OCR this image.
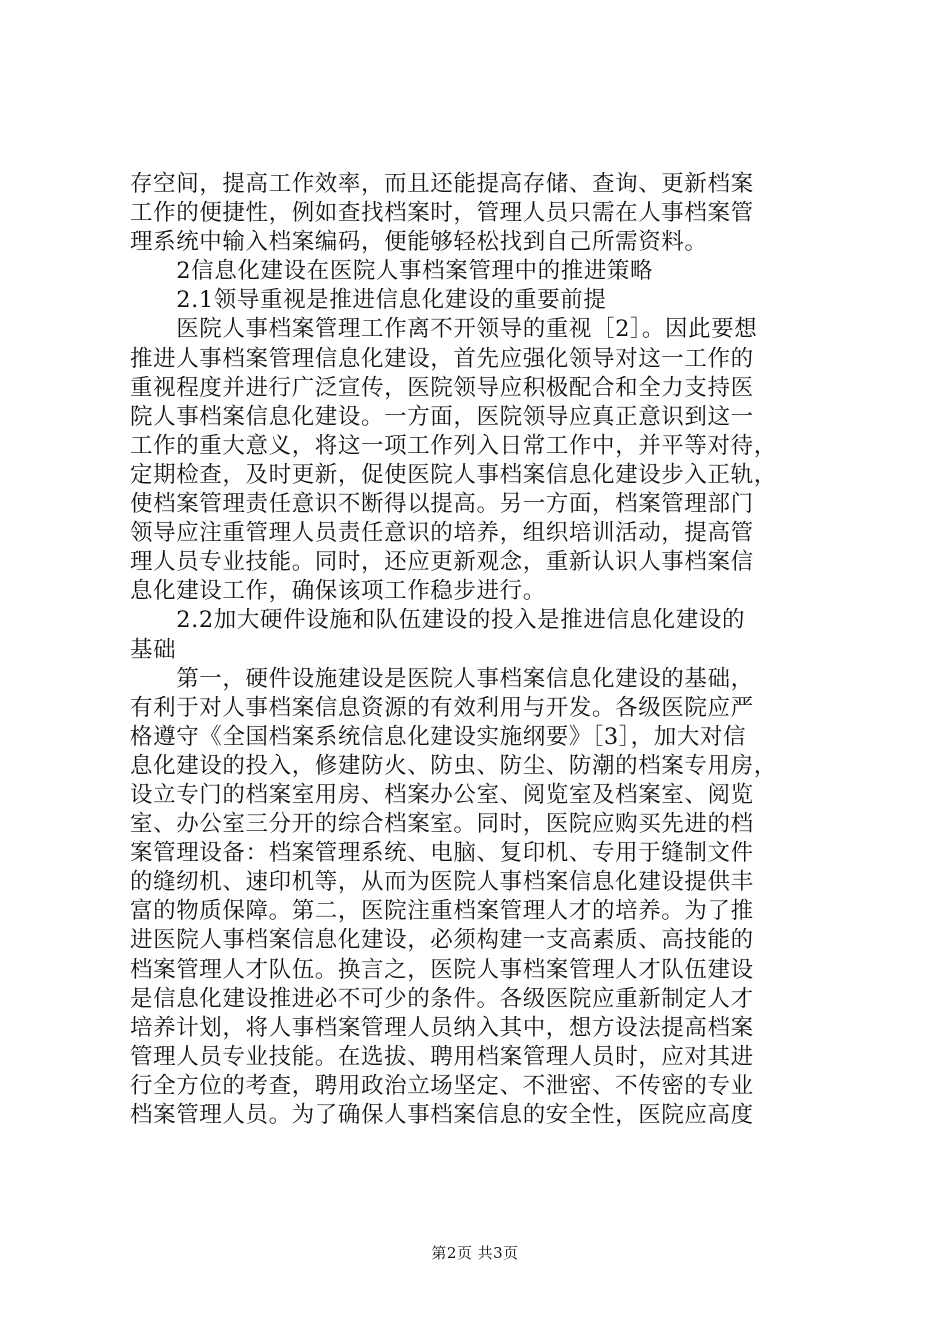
存空间，提高工作效率，而且还能提高存储、查询、更新档案
工作的便捷性，例如查找档案时，管理人员只需在人事档案管
理系统中输入档案编码，便能够轻松找到自己所需资料。
　　2信息化建设在医院人事档案管理中的推进策略
　　2.1领导重视是推进信息化建设的重要前提
　　医院人事档案管理工作离不开领导的重视［2］。因此要想
推进人事档案管理信息化建设，首先应强化领导对这一工作的
重视程度并进行广泛宣传，医院领导应积极配合和全力支持医
院人事档案信息化建设。一方面，医院领导应真正意识到这一
工作的重大意义，将这一项工作列入日常工作中，并平等对待，
定期检查，及时更新，促使医院人事档案信息化建设步入正轨，
使档案管理责任意识不断得以提高。另一方面，档案管理部门
领导应注重管理人员责任意识的培养，组织培训活动，提高管
理人员专业技能。同时，还应更新观念，重新认识人事档案信
息化建设工作，确保该项工作稳步进行。
　　2.2加大硬件设施和队伍建设的投入是推进信息化建设的
基础
　　第一，硬件设施建设是医院人事档案信息化建设的基础，
有利于对人事档案信息资源的有效利用与开发。各级医院应严
格遵守《全国档案系统信息化建设实施纲要》［3］，加大对信
息化建设的投入，修建防火、防虫、防尘、防潮的档案专用房，
设立专门的档案室用房、档案办公室、阅览室及档案室、阅览
室、办公室三分开的综合档案室。同时，医院应购买先进的档
案管理设备：档案管理系统、电脑、复印机、专用于缝制文件
的缝纫机、速印机等，从而为医院人事档案信息化建设提供丰
富的物质保障。第二，医院注重档案管理人才的培养。为了推
进医院人事档案信息化建设，必须构建一支高素质、高技能的
档案管理人才队伍。换言之，医院人事档案管理人才队伍建设
是信息化建设推进必不可少的条件。各级医院应重新制定人才
培养计划，将人事档案管理人员纳入其中，想方设法提高档案
管理人员专业技能。在选拔、聘用档案管理人员时，应对其进
行全方位的考查，聘用政治立场坚定、不泄密、不传密的专业
档案管理人员。为了确保人事档案信息的安全性，医院应高度
第2页 共3页
